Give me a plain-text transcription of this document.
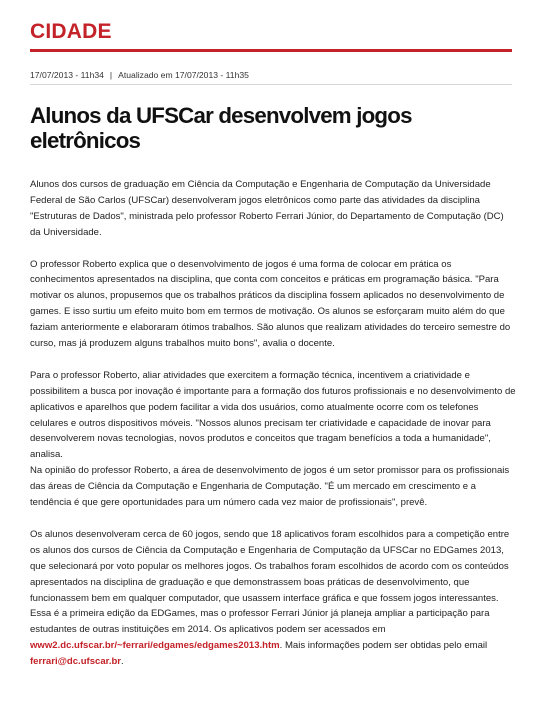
CIDADE
17/07/2013 - 11h34 | Atualizado em 17/07/2013 - 11h35
Alunos da UFSCar desenvolvem jogos eletrônicos

Alunos dos cursos de graduação em Ciência da Computação e Engenharia de Computação da Universidade Federal de São Carlos (UFSCar) desenvolveram jogos eletrônicos como parte das atividades da disciplina "Estruturas de Dados", ministrada pelo professor Roberto Ferrari Júnior, do Departamento de Computação (DC) da Universidade.

O professor Roberto explica que o desenvolvimento de jogos é uma forma de colocar em prática os conhecimentos apresentados na disciplina, que conta com conceitos e práticas em programação básica. "Para motivar os alunos, propusemos que os trabalhos práticos da disciplina fossem aplicados no desenvolvimento de games. E isso surtiu um efeito muito bom em termos de motivação. Os alunos se esforçaram muito além do que faziam anteriormente e elaboraram ótimos trabalhos. São alunos que realizam atividades do terceiro semestre do curso, mas já produzem alguns trabalhos muito bons", avalia o docente.

Para o professor Roberto, aliar atividades que exercitem a formação técnica, incentivem a criatividade e possibilitem a busca por inovação é importante para a formação dos futuros profissionais e no desenvolvimento de aplicativos e aparelhos que podem facilitar a vida dos usuários, como atualmente ocorre com os telefones celulares e outros dispositivos móveis. "Nossos alunos precisam ter criatividade e capacidade de inovar para desenvolverem novas tecnologias, novos produtos e conceitos que tragam benefícios a toda a humanidade", analisa.

Na opinião do professor Roberto, a área de desenvolvimento de jogos é um setor promissor para os profissionais das áreas de Ciência da Computação e Engenharia de Computação. "É um mercado em crescimento e a tendência é que gere oportunidades para um número cada vez maior de profissionais", prevê.

Os alunos desenvolveram cerca de 60 jogos, sendo que 18 aplicativos foram escolhidos para a competição entre os alunos dos cursos de Ciência da Computação e Engenharia de Computação da UFSCar no EDGames 2013, que selecionará por voto popular os melhores jogos. Os trabalhos foram escolhidos de acordo com os conteúdos apresentados na disciplina de graduação e que demonstrassem boas práticas de desenvolvimento, que funcionassem bem em qualquer computador, que usassem interface gráfica e que fossem jogos interessantes. Essa é a primeira edição da EDGames, mas o professor Ferrari Júnior já planeja ampliar a participação para estudantes de outras instituições em 2014. Os aplicativos podem ser acessados em www2.dc.ufscar.br/~ferrari/edgames/edgames2013.htm. Mais informações podem ser obtidas pelo email ferrari@dc.ufscar.br.
